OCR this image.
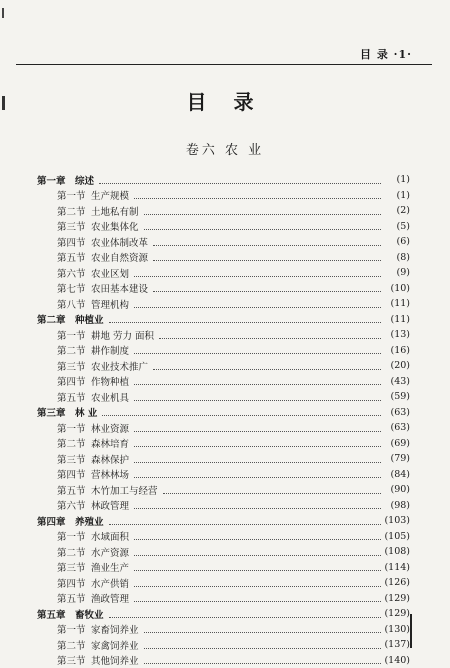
目 录 ·1·
目 录
卷六 农 业
第一章 综述	(1)
第一节 生产规模	(1)
第二节 土地私有制	(2)
第三节 农业集体化	(5)
第四节 农业体制改革	(6)
第五节 农业自然资源	(8)
第六节 农业区划	(9)
第七节 农田基本建设	(10)
第八节 管理机构	(11)
第二章 种植业	(11)
第一节 耕地 劳力 面积	(13)
第二节 耕作制度	(16)
第三节 农业技术推广	(20)
第四节 作物种植	(43)
第五节 农业机具	(59)
第三章 林 业	(63)
第一节 林业资源	(63)
第二节 森林培育	(69)
第三节 森林保护	(79)
第四节 营林林场	(84)
第五节 木竹加工与经营	(90)
第六节 林政管理	(98)
第四章 养殖业	(103)
第一节 水域面积	(105)
第二节 水产资源	(108)
第三节 渔业生产	(114)
第四节 水产供销	(126)
第五节 渔政管理	(129)
第五章 畜牧业	(129)
第一节 家畜饲养业	(130)
第二节 家禽饲养业	(137)
第三节 其他饲养业	(140)
